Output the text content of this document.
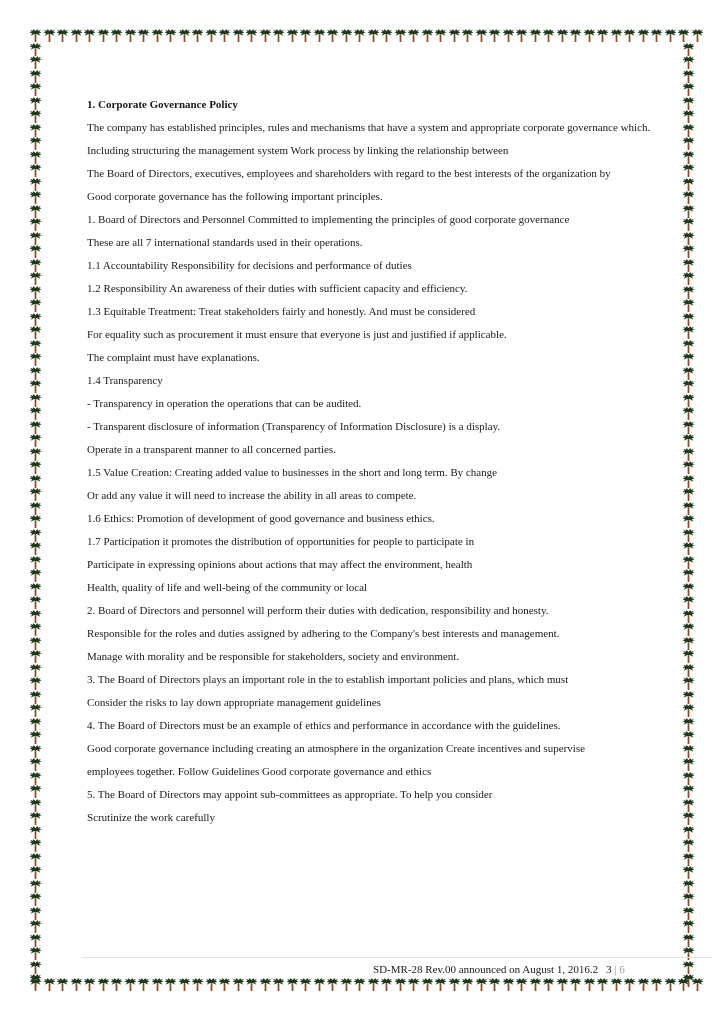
1. Corporate Governance Policy
The company has established principles, rules and mechanisms that have a system and appropriate corporate governance which.
Including structuring the management system Work process by linking the relationship between
The Board of Directors, executives, employees and shareholders with regard to the best interests of the organization by
Good corporate governance has the following important principles.
1. Board of Directors and Personnel Committed to implementing the principles of good corporate governance
These are all 7 international standards used in their operations.
1.1 Accountability Responsibility for decisions and performance of duties
1.2 Responsibility An awareness of their duties with sufficient capacity and efficiency.
1.3 Equitable Treatment: Treat stakeholders fairly and honestly. And must be considered
For equality such as procurement it must ensure that everyone is just and justified if applicable.
The complaint must have explanations.
1.4 Transparency
- Transparency in operation the operations that can be audited.
- Transparent disclosure of information (Transparency of Information Disclosure) is a display.
Operate in a transparent manner to all concerned parties.
1.5 Value Creation: Creating added value to businesses in the short and long term. By change
Or add any value it will need to increase the ability in all areas to compete.
1.6 Ethics: Promotion of development of good governance and business ethics.
1.7 Participation it promotes the distribution of opportunities for people to participate in
Participate in expressing opinions about actions that may affect the environment, health
Health, quality of life and well-being of the community or local
2. Board of Directors and personnel will perform their duties with dedication, responsibility and honesty.
Responsible for the roles and duties assigned by adhering to the Company's best interests and management.
Manage with morality and be responsible for stakeholders, society and environment.
3. The Board of Directors plays an important role in the to establish important policies and plans, which must
Consider the risks to lay down appropriate management guidelines
4. The Board of Directors must be an example of ethics and performance in accordance with the guidelines.
Good corporate governance including creating an atmosphere in the organization Create incentives and supervise
employees together. Follow Guidelines Good corporate governance and ethics
5. The Board of Directors may appoint sub-committees as appropriate. To help you consider
Scrutinize the work carefully
SD-MR-28 Rev.00 announced on August 1, 2016.2 3 | 6
